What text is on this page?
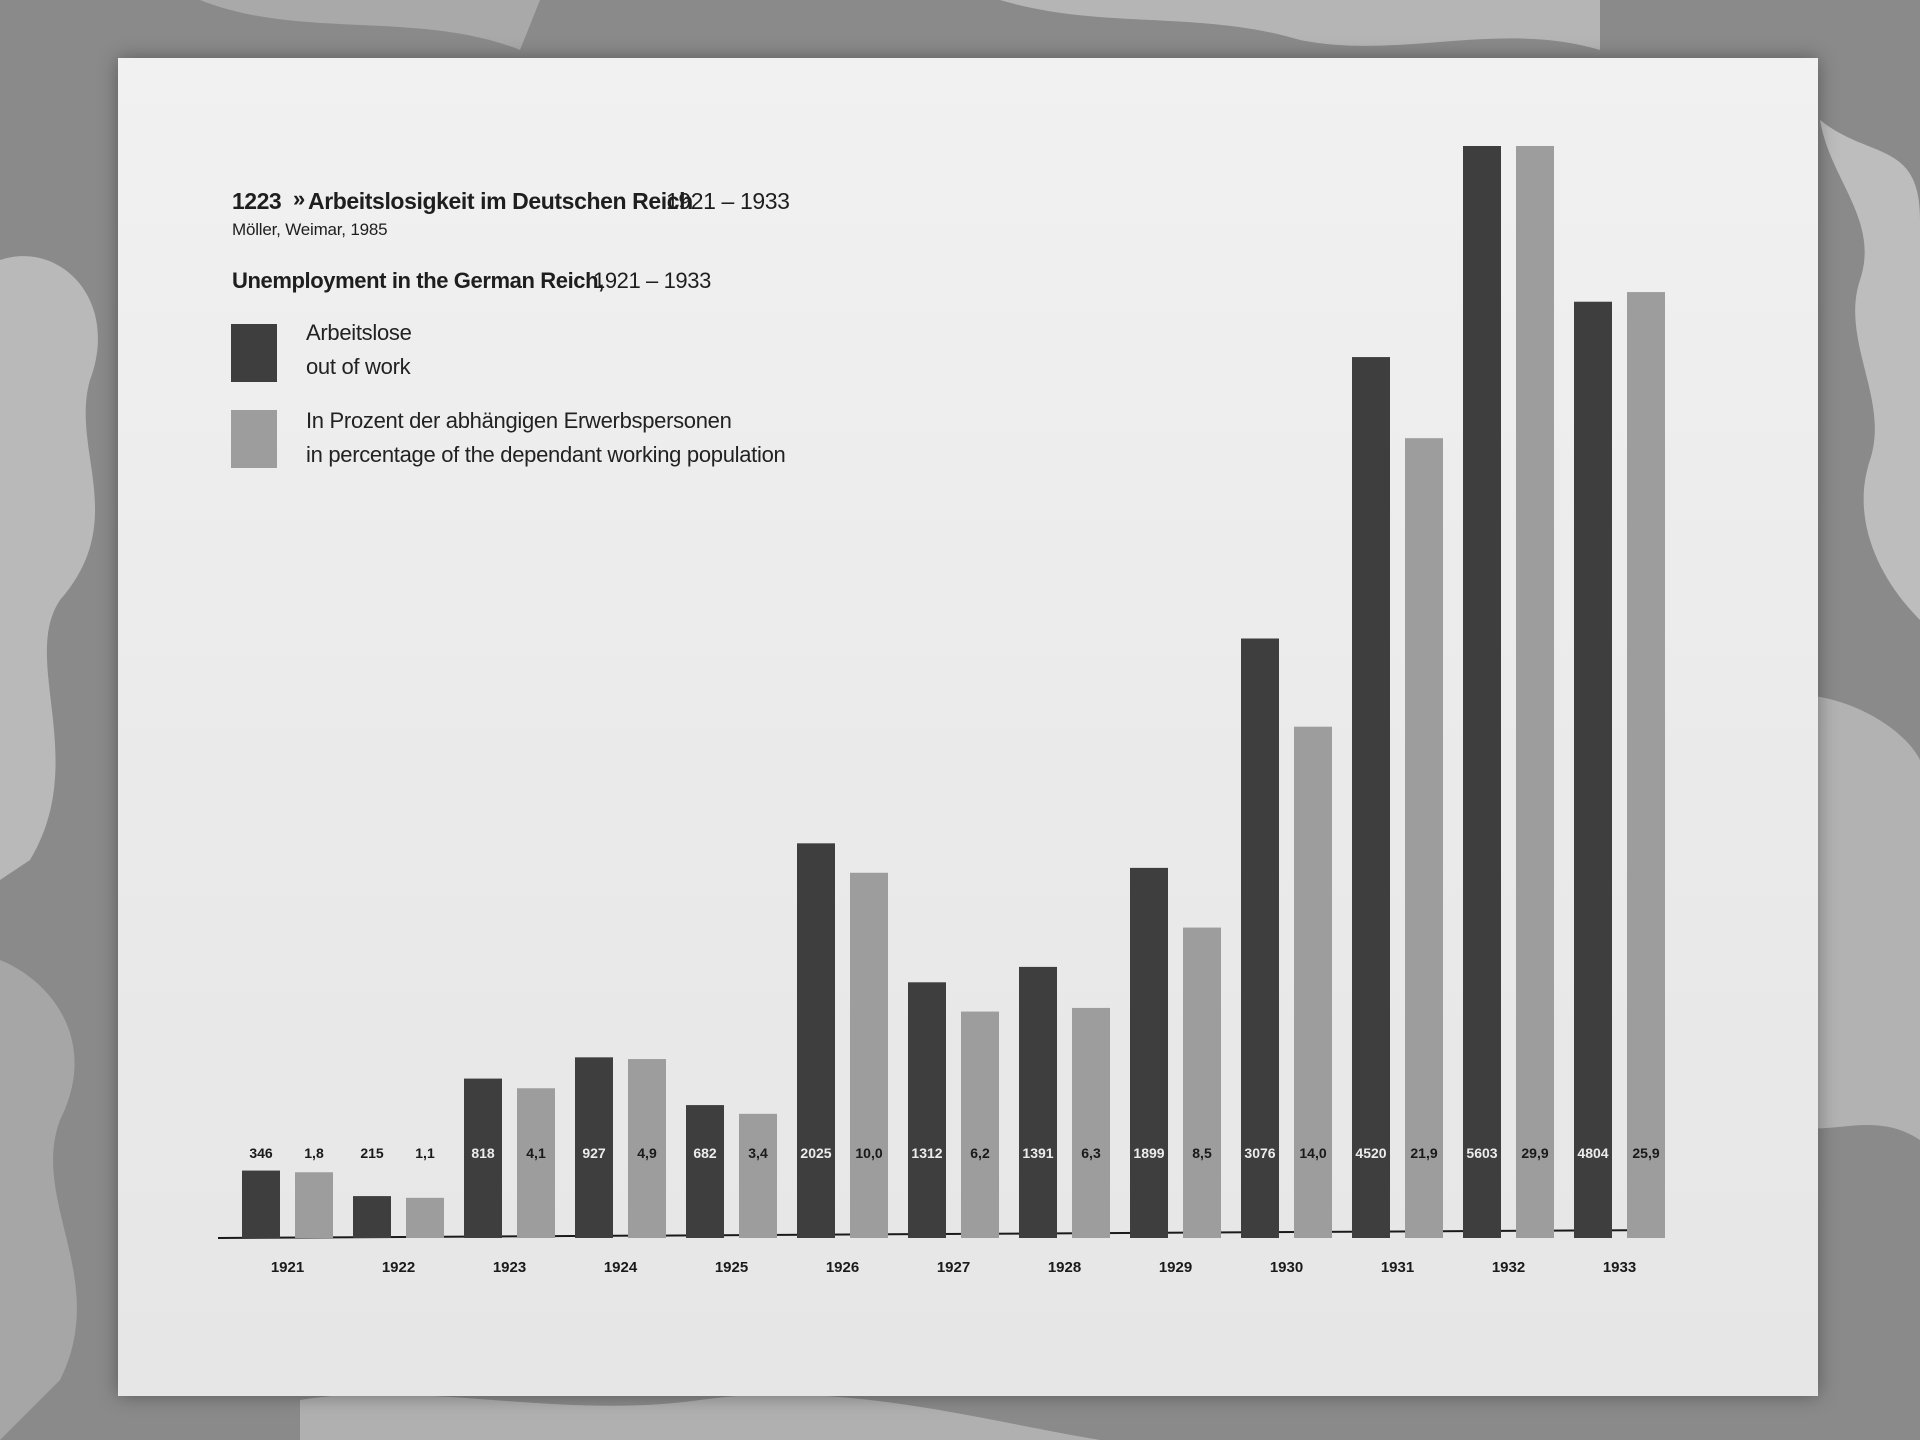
1223 » Arbeitslosigkeit im Deutschen Reich
1921 – 1933
Möller, Weimar, 1985
Unemployment in the German Reich,
1921 – 1933
Arbeitslose
out of work
In Prozent der abhängigen Erwerbspersonen
in percentage of the dependant working population
346 1,8
1921
215 1,1
1922
818 4,1
1923
927 4,9
1924
682 3,4
1925
2025 10,0
1926
1312 6,2
1927
1391 6,3
1928
1899 8,5
1929
3076 14,0
1930
4520 21,9
1931
5603 29,9
1932
4804 25,9
1933
